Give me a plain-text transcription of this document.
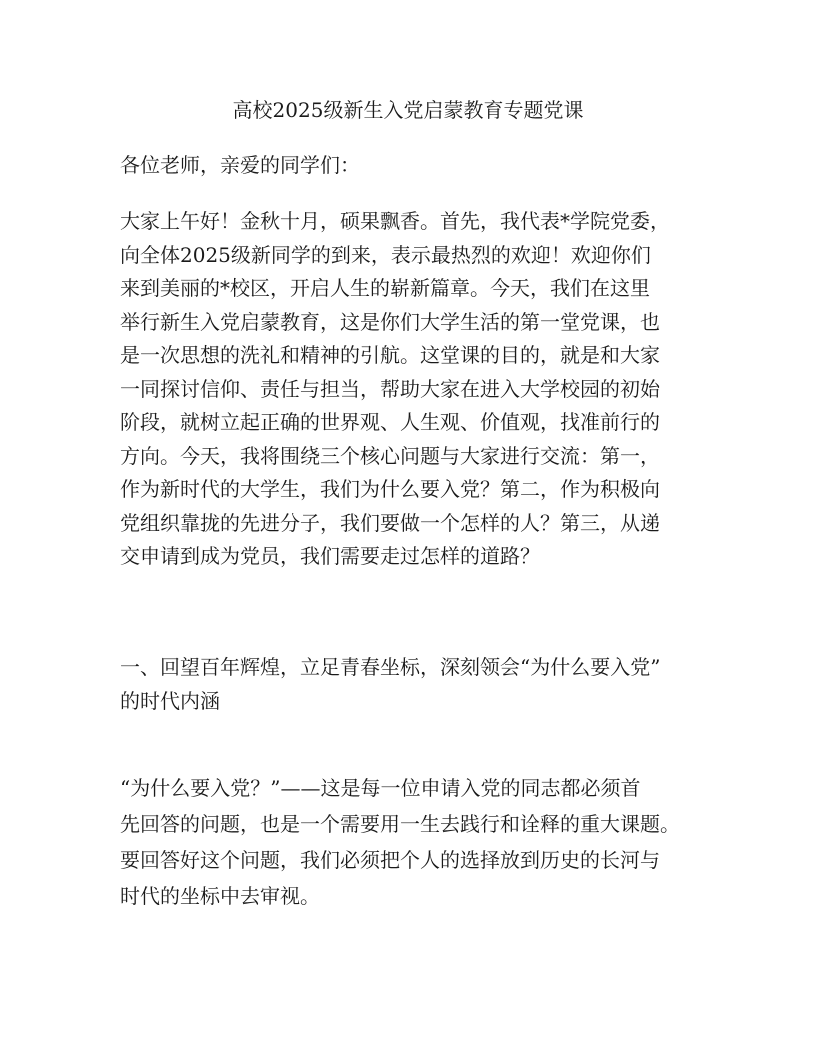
高校2025级新生入党启蒙教育专题党课

各位老师，亲爱的同学们：

大家上午好！金秋十月，硕果飘香。首先，我代表*学院党委，
向全体2025级新同学的到来，表示最热烈的欢迎！欢迎你们
来到美丽的*校区，开启人生的崭新篇章。今天，我们在这里
举行新生入党启蒙教育，这是你们大学生活的第一堂党课，也
是一次思想的洗礼和精神的引航。这堂课的目的，就是和大家
一同探讨信仰、责任与担当，帮助大家在进入大学校园的初始
阶段，就树立起正确的世界观、人生观、价值观，找准前行的
方向。今天，我将围绕三个核心问题与大家进行交流：第一，
作为新时代的大学生，我们为什么要入党？第二，作为积极向
党组织靠拢的先进分子，我们要做一个怎样的人？第三，从递
交申请到成为党员，我们需要走过怎样的道路？

一、回望百年辉煌，立足青春坐标，深刻领会“为什么要入党”
的时代内涵

“为什么要入党？”——这是每一位申请入党的同志都必须首
先回答的问题，也是一个需要用一生去践行和诠释的重大课题。
要回答好这个问题，我们必须把个人的选择放到历史的长河与
时代的坐标中去审视。
